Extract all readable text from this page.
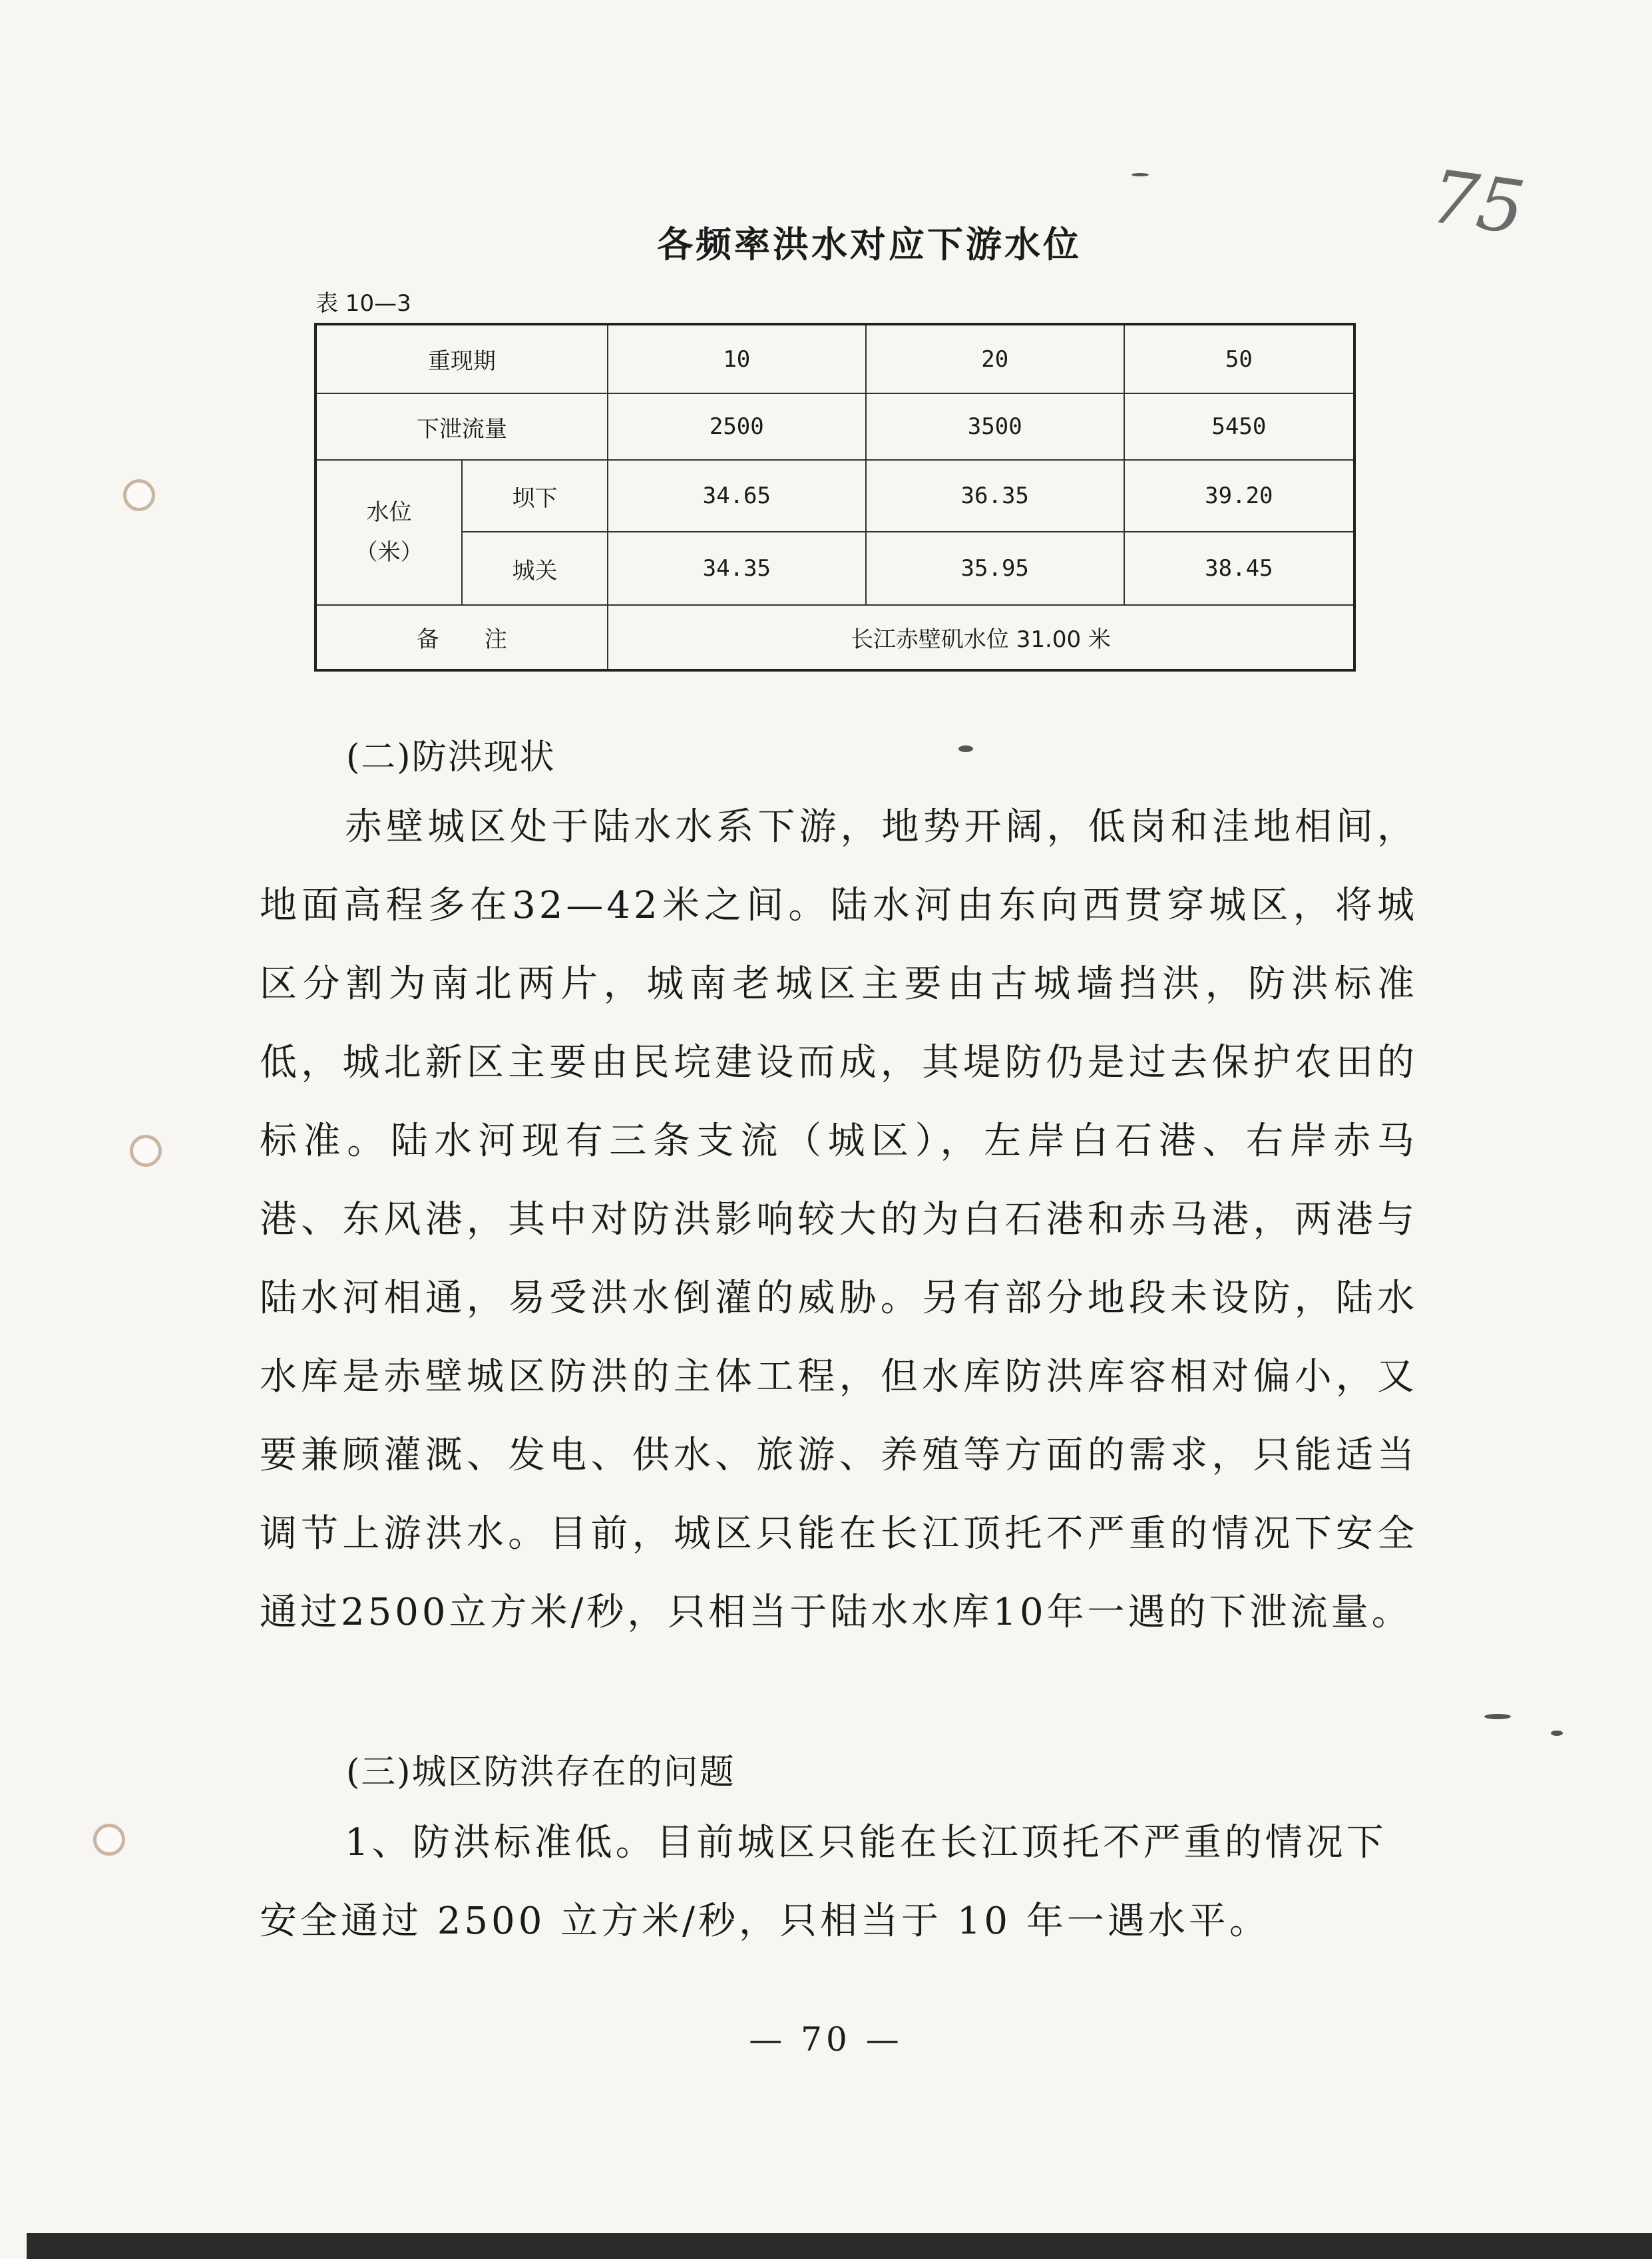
75
各频率洪水对应下游水位
表 10—3
重现期		10	20	50
下泄流量		2500	3500	5450

水位
（米）	坝下	34.65	36.35	39.20
	城关	34.35	35.95	38.45
备　　注		长江赤壁矶水位 31.00 米		
(二)防洪现状

赤壁城区处于陆水水系下游，地势开阔，低岗和洼地相间，地面高程多在32—42米之间。陆水河由东向西贯穿城区，将城区分割为南北两片，城南老城区主要由古城墙挡洪，防洪标准低，城北新区主要由民垸建设而成，其堤防仍是过去保护农田的标准。陆水河现有三条支流（城区），左岸白石港、右岸赤马港、东风港，其中对防洪影响较大的为白石港和赤马港，两港与陆水河相通，易受洪水倒灌的威胁。另有部分地段未设防，陆水水库是赤壁城区防洪的主体工程，但水库防洪库容相对偏小，又要兼顾灌溉、发电、供水、旅游、养殖等方面的需求，只能适当调节上游洪水。目前，城区只能在长江顶托不严重的情况下安全通过2500立方米/秒，只相当于陆水水库10年一遇的下泄流量。

(三)城区防洪存在的问题

1、防洪标准低。目前城区只能在长江顶托不严重的情况下安全通过 2500 立方米/秒，只相当于 10 年一遇水平。

— 70 —
